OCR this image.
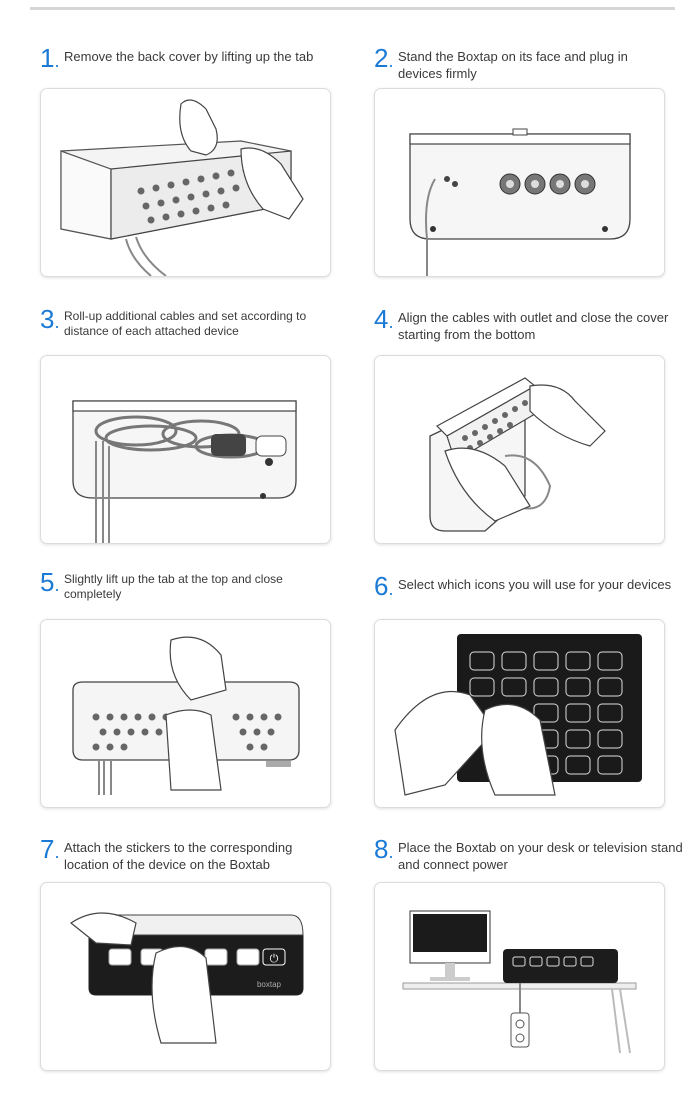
1. Remove the back cover by lifting up the tab	2. Stand the Boxtap on its face and plug in devices firmly
3. Roll-up additional cables and set according to distance of each attached device	4. Align the cables with outlet and close the cover starting from the bottom
5. Slightly lift up the tab at the top and close completely	6. Select which icons you will use for your devices
7. Attach the stickers to the corresponding location of the device on the Boxtab
⏻
boxtap
8. Place the Boxtab on your desk or television stand and connect power
